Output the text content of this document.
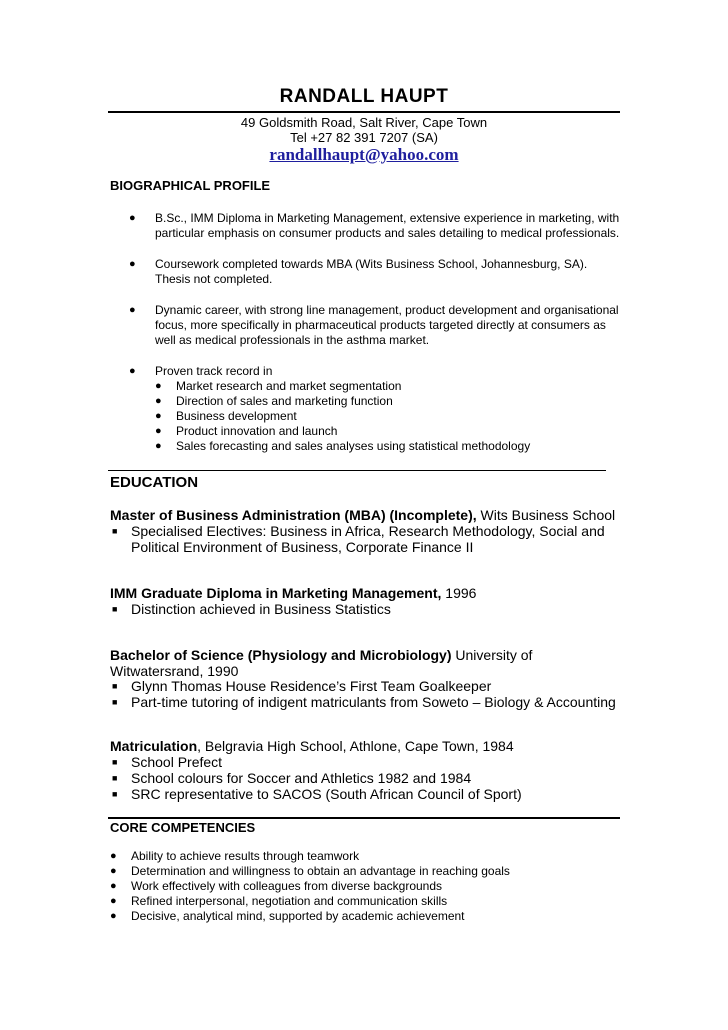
RANDALL HAUPT
49 Goldsmith Road, Salt River, Cape Town
Tel +27 82 391 7207 (SA)
randallhaupt@yahoo.com
BIOGRAPHICAL PROFILE
● B.Sc., IMM Diploma in Marketing Management, extensive experience in marketing, with particular emphasis on consumer products and sales detailing to medical professionals.
● Coursework completed towards MBA (Wits Business School, Johannesburg, SA). Thesis not completed.
● Dynamic career, with strong line management, product development and organisational focus, more specifically in pharmaceutical products targeted directly at consumers as well as medical professionals in the asthma market.
● Proven track record in
● Market research and market segmentation
● Direction of sales and marketing function
● Business development
● Product innovation and launch
● Sales forecasting and sales analyses using statistical methodology
EDUCATION
Master of Business Administration (MBA) (Incomplete), Wits Business School
■ Specialised Electives: Business in Africa, Research Methodology, Social and Political Environment of Business, Corporate Finance II
IMM Graduate Diploma in Marketing Management, 1996
■ Distinction achieved in Business Statistics
Bachelor of Science (Physiology and Microbiology) University of Witwatersrand, 1990
■ Glynn Thomas House Residence’s First Team Goalkeeper
■ Part-time tutoring of indigent matriculants from Soweto – Biology & Accounting
Matriculation, Belgravia High School, Athlone, Cape Town, 1984
■ School Prefect
■ School colours for Soccer and Athletics 1982 and 1984
■ SRC representative to SACOS (South African Council of Sport)
CORE COMPETENCIES
● Ability to achieve results through teamwork
● Determination and willingness to obtain an advantage in reaching goals
● Work effectively with colleagues from diverse backgrounds
● Refined interpersonal, negotiation and communication skills
● Decisive, analytical mind, supported by academic achievement
